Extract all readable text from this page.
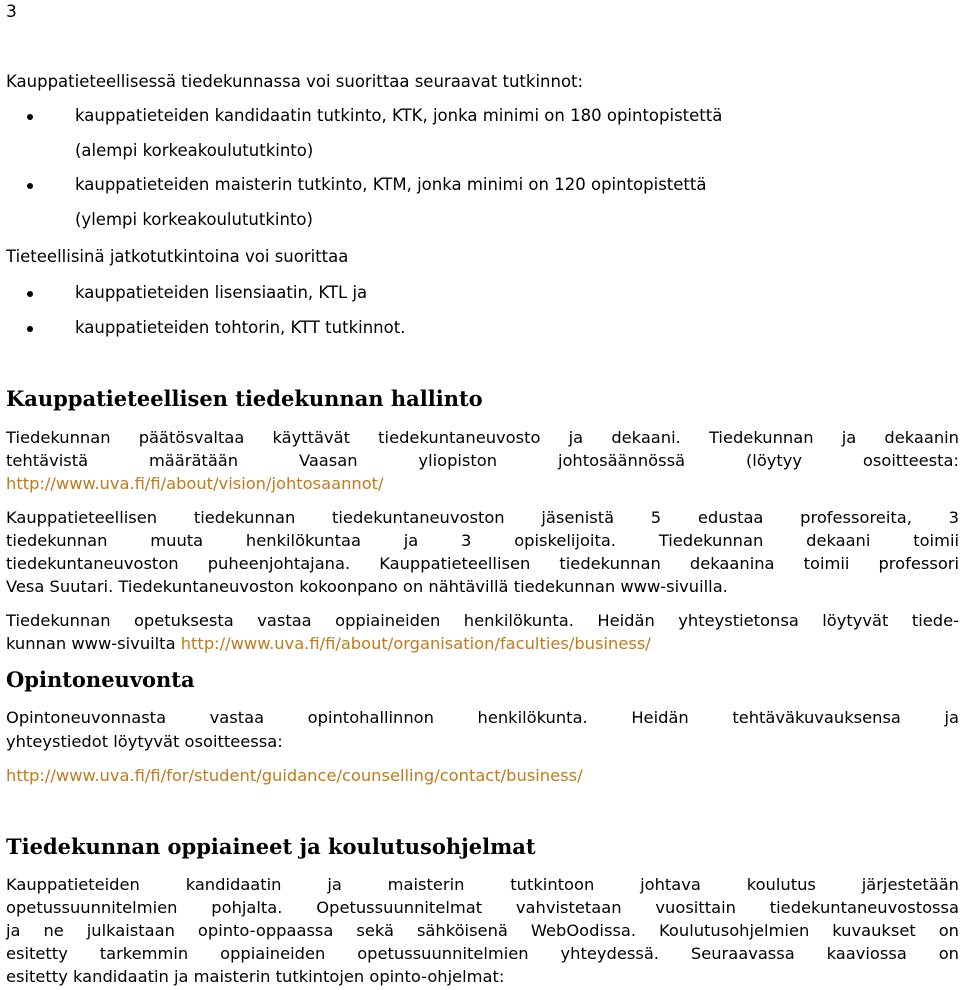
3
Kauppatieteellisessä tiedekunnassa voi suorittaa seuraavat tutkinnot:
kauppatieteiden kandidaatin tutkinto, KTK, jonka minimi on 180 opintopistettä
(alempi korkeakoulututkinto)
kauppatieteiden maisterin tutkinto, KTM, jonka minimi on 120 opintopistettä
(ylempi korkeakoulututkinto)
Tieteellisinä jatkotutkintoina voi suorittaa
kauppatieteiden lisensiaatin, KTL ja
kauppatieteiden tohtorin, KTT tutkinnot.
Kauppatieteellisen tiedekunnan hallinto

Tiedekunnan päätösvaltaa käyttävät tiedekuntaneuvosto ja dekaani. Tiedekunnan ja dekaanin

tehtävistä määrätään Vaasan yliopiston johtosäännössä (löytyy osoitteesta:

http://www.uva.fi/fi/about/vision/johtosaannot/

Kauppatieteellisen tiedekunnan tiedekuntaneuvoston jäsenistä 5 edustaa professoreita, 3

tiedekunnan muuta henkilökuntaa ja 3 opiskelijoita. Tiedekunnan dekaani toimii

tiedekuntaneuvoston puheenjohtajana. Kauppatieteellisen tiedekunnan dekaanina toimii professori

Vesa Suutari. Tiedekuntaneuvoston kokoonpano on nähtävillä tiedekunnan www-sivuilla.

Tiedekunnan opetuksesta vastaa oppiaineiden henkilökunta. Heidän yhteystietonsa löytyvät tiede-

kunnan www-sivuilta http://www.uva.fi/fi/about/organisation/faculties/business/

Opintoneuvonta

Opintoneuvonnasta vastaa opintohallinnon henkilökunta. Heidän tehtäväkuvauksensa ja

yhteystiedot löytyvät osoitteessa:

http://www.uva.fi/fi/for/student/guidance/counselling/contact/business/

Tiedekunnan oppiaineet ja koulutusohjelmat

Kauppatieteiden kandidaatin ja maisterin tutkintoon johtava koulutus järjestetään

opetussuunnitelmien pohjalta. Opetussuunnitelmat vahvistetaan vuosittain tiedekuntaneuvostossa

ja ne julkaistaan opinto-oppaassa sekä sähköisenä WebOodissa. Koulutusohjelmien kuvaukset on

esitetty tarkemmin oppiaineiden opetussuunnitelmien yhteydessä. Seuraavassa kaaviossa on

esitetty kandidaatin ja maisterin tutkintojen opinto-ohjelmat:
